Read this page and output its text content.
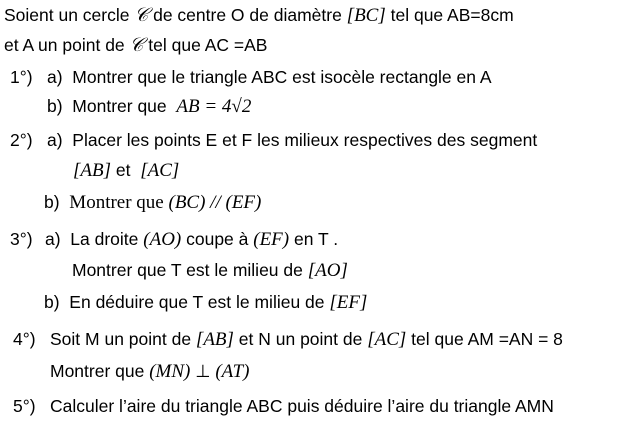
Soient un cercle 𝒞 de centre O de diamètre [BC] tel que AB=8cm
et A un point de 𝒞 tel que AC =AB
1°) a) Montrer que le triangle ABC est isocèle rectangle en A
b) Montrer que  AB = 4√2
2°) a) Placer les points E et F les milieux respectives des segment
[AB] et  [AC]
b) Montrer que (BC) // (EF)
3°) a) La droite (AO) coupe à (EF) en T .
Montrer que T est le milieu de [AO]
b) En déduire que T est le milieu de [EF]
4°) Soit M un point de [AB] et N un point de [AC] tel que AM =AN = 8
Montrer que (MN) ⊥ (AT)
5°) Calculer l’aire du triangle ABC puis déduire l’aire du triangle AMN
